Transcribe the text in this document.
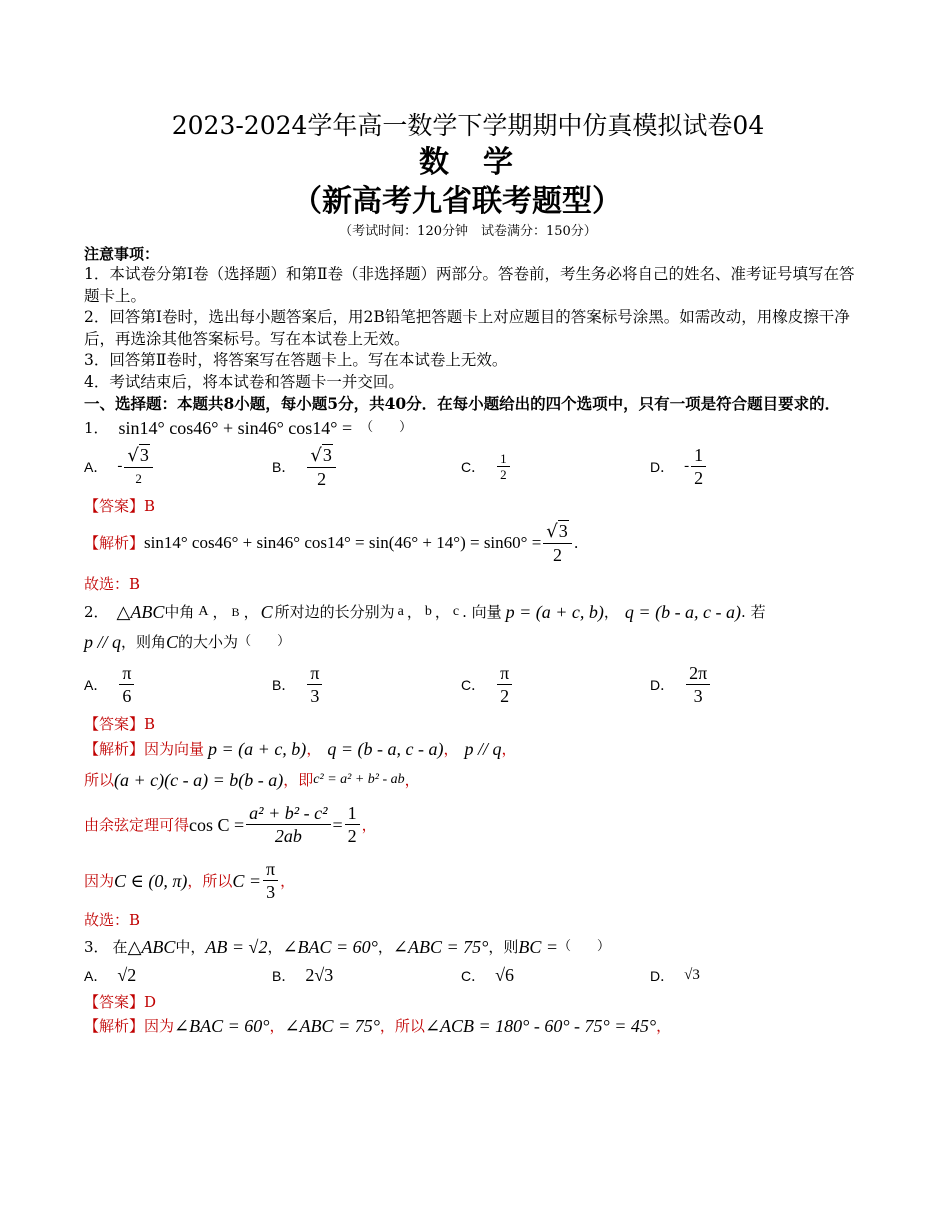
2023-2024学年高一数学下学期期中仿真模拟试卷04
数　学
（新高考九省联考题型）
（考试时间：120分钟　试卷满分：150分）
注意事项：
1．本试卷分第Ⅰ卷（选择题）和第Ⅱ卷（非选择题）两部分。答卷前，考生务必将自己的姓名、准考证号填写在答题卡上。
2．回答第Ⅰ卷时，选出每小题答案后，用2B铅笔把答题卡上对应题目的答案标号涂黑。如需改动，用橡皮擦干净后，再选涂其他答案标号。写在本试卷上无效。
3．回答第Ⅱ卷时，将答案写在答题卡上。写在本试卷上无效。
4．考试结束后，将本试卷和答题卡一并交回。
一、选择题：本题共8小题，每小题5分，共40分．在每小题给出的四个选项中，只有一项是符合题目要求的．
1． sin14° cos46° + sin46° cos14° = （　　）
A． - $\frac{√3}{2}$	B． $\frac{√3}{2}$	C． $\frac{1}{2}$	D． - $\frac{1}{2}$
【答案】B
【解析】 sin14° cos46° + sin46° $\cos 14^\circ = \sin(46^\circ + 14^\circ) = \sin 60^\circ = \frac{√3}{2}$ .
故选：B
2． △ABC 中角 A ， B ， C 所对边的长分别为 a ， b ， c . 向量 p = (a + c, b) ， q = (b - a, c - a) . 若
p // q ，则角 C 的大小为 （　　）
A． $\frac{\pi}{6}$	B． $\frac{\pi}{3}$	C． $\frac{\pi}{2}$	D． $\frac{2\pi}{3}$
【答案】B
【解析】 因为向量 p = (a + c, b) ， q = (b - a, c - a) ， p // q ，
所以 (a + c)(c - a) = b(b - a) ， 即 c² = a² + b² - ab ，
由余弦定理可得 $\cos C = \frac{\text{a² + b² - c²}}{2ab} = \frac{1}{2}$ ，
因为 C ∈ (0, π) ， 所以 $C = \frac{\pi}{3}$ ，
故选：B
3． 在 △ABC 中， AB = √2 ， ∠BAC = 60° ， ∠ABC = 75° ，则 BC = （　　）
A． √2	B． 2√3	C． √6	D． √3
【答案】D
【解析】 因为 ∠BAC = 60° ， ∠ABC = 75° ，所以 ∠ACB = 180° - 60° - 75° = 45° ，
